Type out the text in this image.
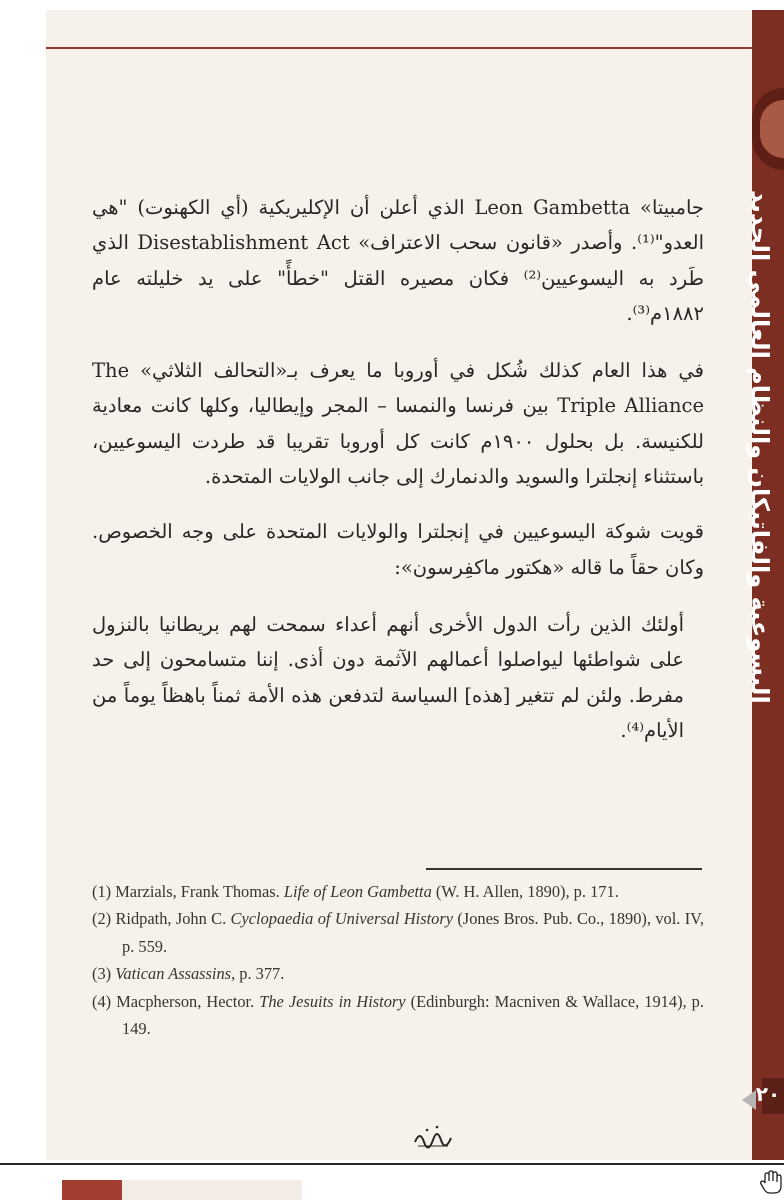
اليسوعية والفاتيكان والنظام العالمي الجديد
٢٠

جامبيتا» Leon Gambetta الذي أعلن أن الإكليريكية (أي الكهنوت) "هي العدو"⁽¹⁾. وأصدر «قانون سحب الاعتراف» Disestablishment Act الذي طَرد به اليسوعيين⁽²⁾ فكان مصيره القتل "خطأً" على يد خليلته عام ١٨٨٢م⁽³⁾.

في هذا العام كذلك شُكل في أوروبا ما يعرف بـ«التحالف الثلاثي» The Triple Alliance بين فرنسا والنمسا – المجر وإيطاليا، وكلها كانت معادية للكنيسة. بل بحلول ١٩٠٠م كانت كل أوروبا تقريبا قد طردت اليسوعيين، باستثناء إنجلترا والسويد والدنمارك إلى جانب الولايات المتحدة.

قويت شوكة اليسوعيين في إنجلترا والولايات المتحدة على وجه الخصوص. وكان حقاً ما قاله «هكتور ماكفِرسون»:

أولئك الذين رأت الدول الأخرى أنهم أعداء سمحت لهم بريطانيا بالنزول على شواطئها ليواصلوا أعمالهم الآثمة دون أذى. إننا متسامحون إلى حد مفرط. ولئن لم تتغير [هذه] السياسة لتدفعن هذه الأمة ثمناً باهظاً يوماً من الأيام⁽⁴⁾.

(1) Marzials, Frank Thomas. Life of Leon Gambetta (W. H. Allen, 1890), p. 171.

(2) Ridpath, John C. Cyclopaedia of Universal History (Jones Bros. Pub. Co., 1890), vol. IV, p. 559.

(3) Vatican Assassins, p. 377.

(4) Macpherson, Hector. The Jesuits in History (Edinburgh: Macniven & Wallace, 1914), p. 149.
